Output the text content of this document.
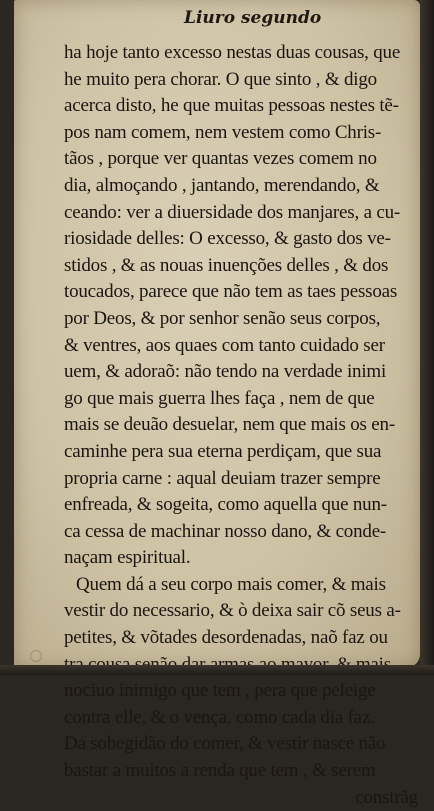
Liuro segundo
ha hoje tanto excesso nestas duas cousas, que
he muito pera chorar. O que sinto , & digo
acerca disto, he que muitas pessoas nestes tẽ-
pos nam comem, nem vestem como Chris-
tãos , porque ver quantas vezes comem no
dia, almoçando , jantando, merendando, &
ceando: ver a diuersidade dos manjares, a cu-
riosidade delles: O excesso, & gasto dos ve-
stidos , & as nouas inuenções delles , & dos
toucados, parece que não tem as taes pessoas
por Deos, & por senhor senão seus corpos,
& ventres, aos quaes com tanto cuidado ser
uem, & adoraõ: não tendo na verdade inimi
go que mais guerra lhes faça , nem de que
mais se deuão desuelar, nem que mais os en-
caminhe pera sua eterna perdiçam, que sua
propria carne : aqual deuiam trazer sempre
enfreada, & sogeita, como aquella que nun-
ca cessa de machinar nosso dano, & conde-
naçam espiritual.
Quem dá a seu corpo mais comer, & mais
vestir do necessario, & ò deixa sair cõ seus a-
petites, & võtades desordenadas, naõ faz ou
nociuo inimigo que tem , pera que peleige
contra elle, & o vença, como cada dia faz.
Da sobegidão do comer, & vestir nasce não
bastar a muitos a renda que tem , & serem
constrãg
